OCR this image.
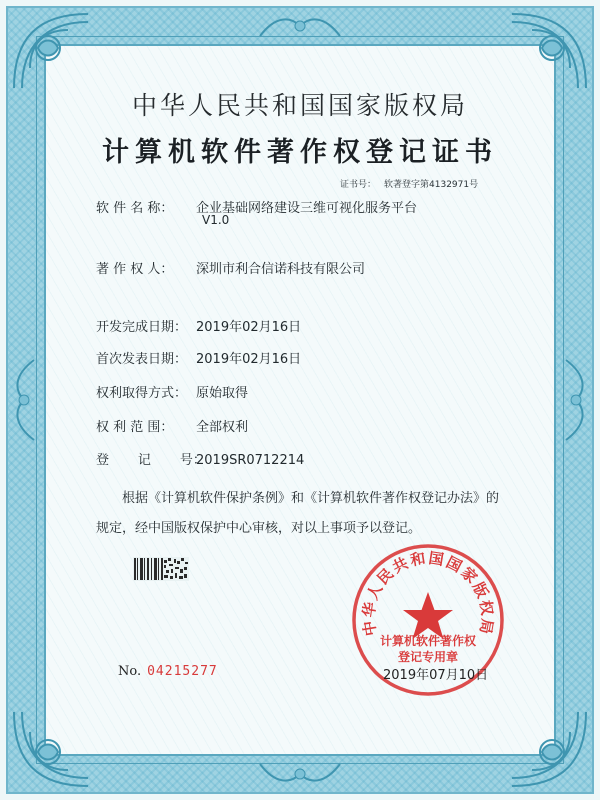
中华人民共和国国家版权局
计算机软件著作权登记证书
证书号： 软著登字第4132971号
软 件 名 称： 企业基础网络建设三维可视化服务平台
V1.0
著 作 权 人： 深圳市利合信诺科技有限公司
开发完成日期： 2019年02月16日
首次发表日期： 2019年02月16日
权利取得方式： 原始取得
权 利 范 围： 全部权利
登       记       号：2019SR0712214
根据《计算机软件保护条例》和《计算机软件著作权登记办法》的
规定，经中国版权保护中心审核，对以上事项予以登记。
中华人民共和国国家版权局
计算机软件著作权
登记专用章
No. 04215277	2019年07月10日
